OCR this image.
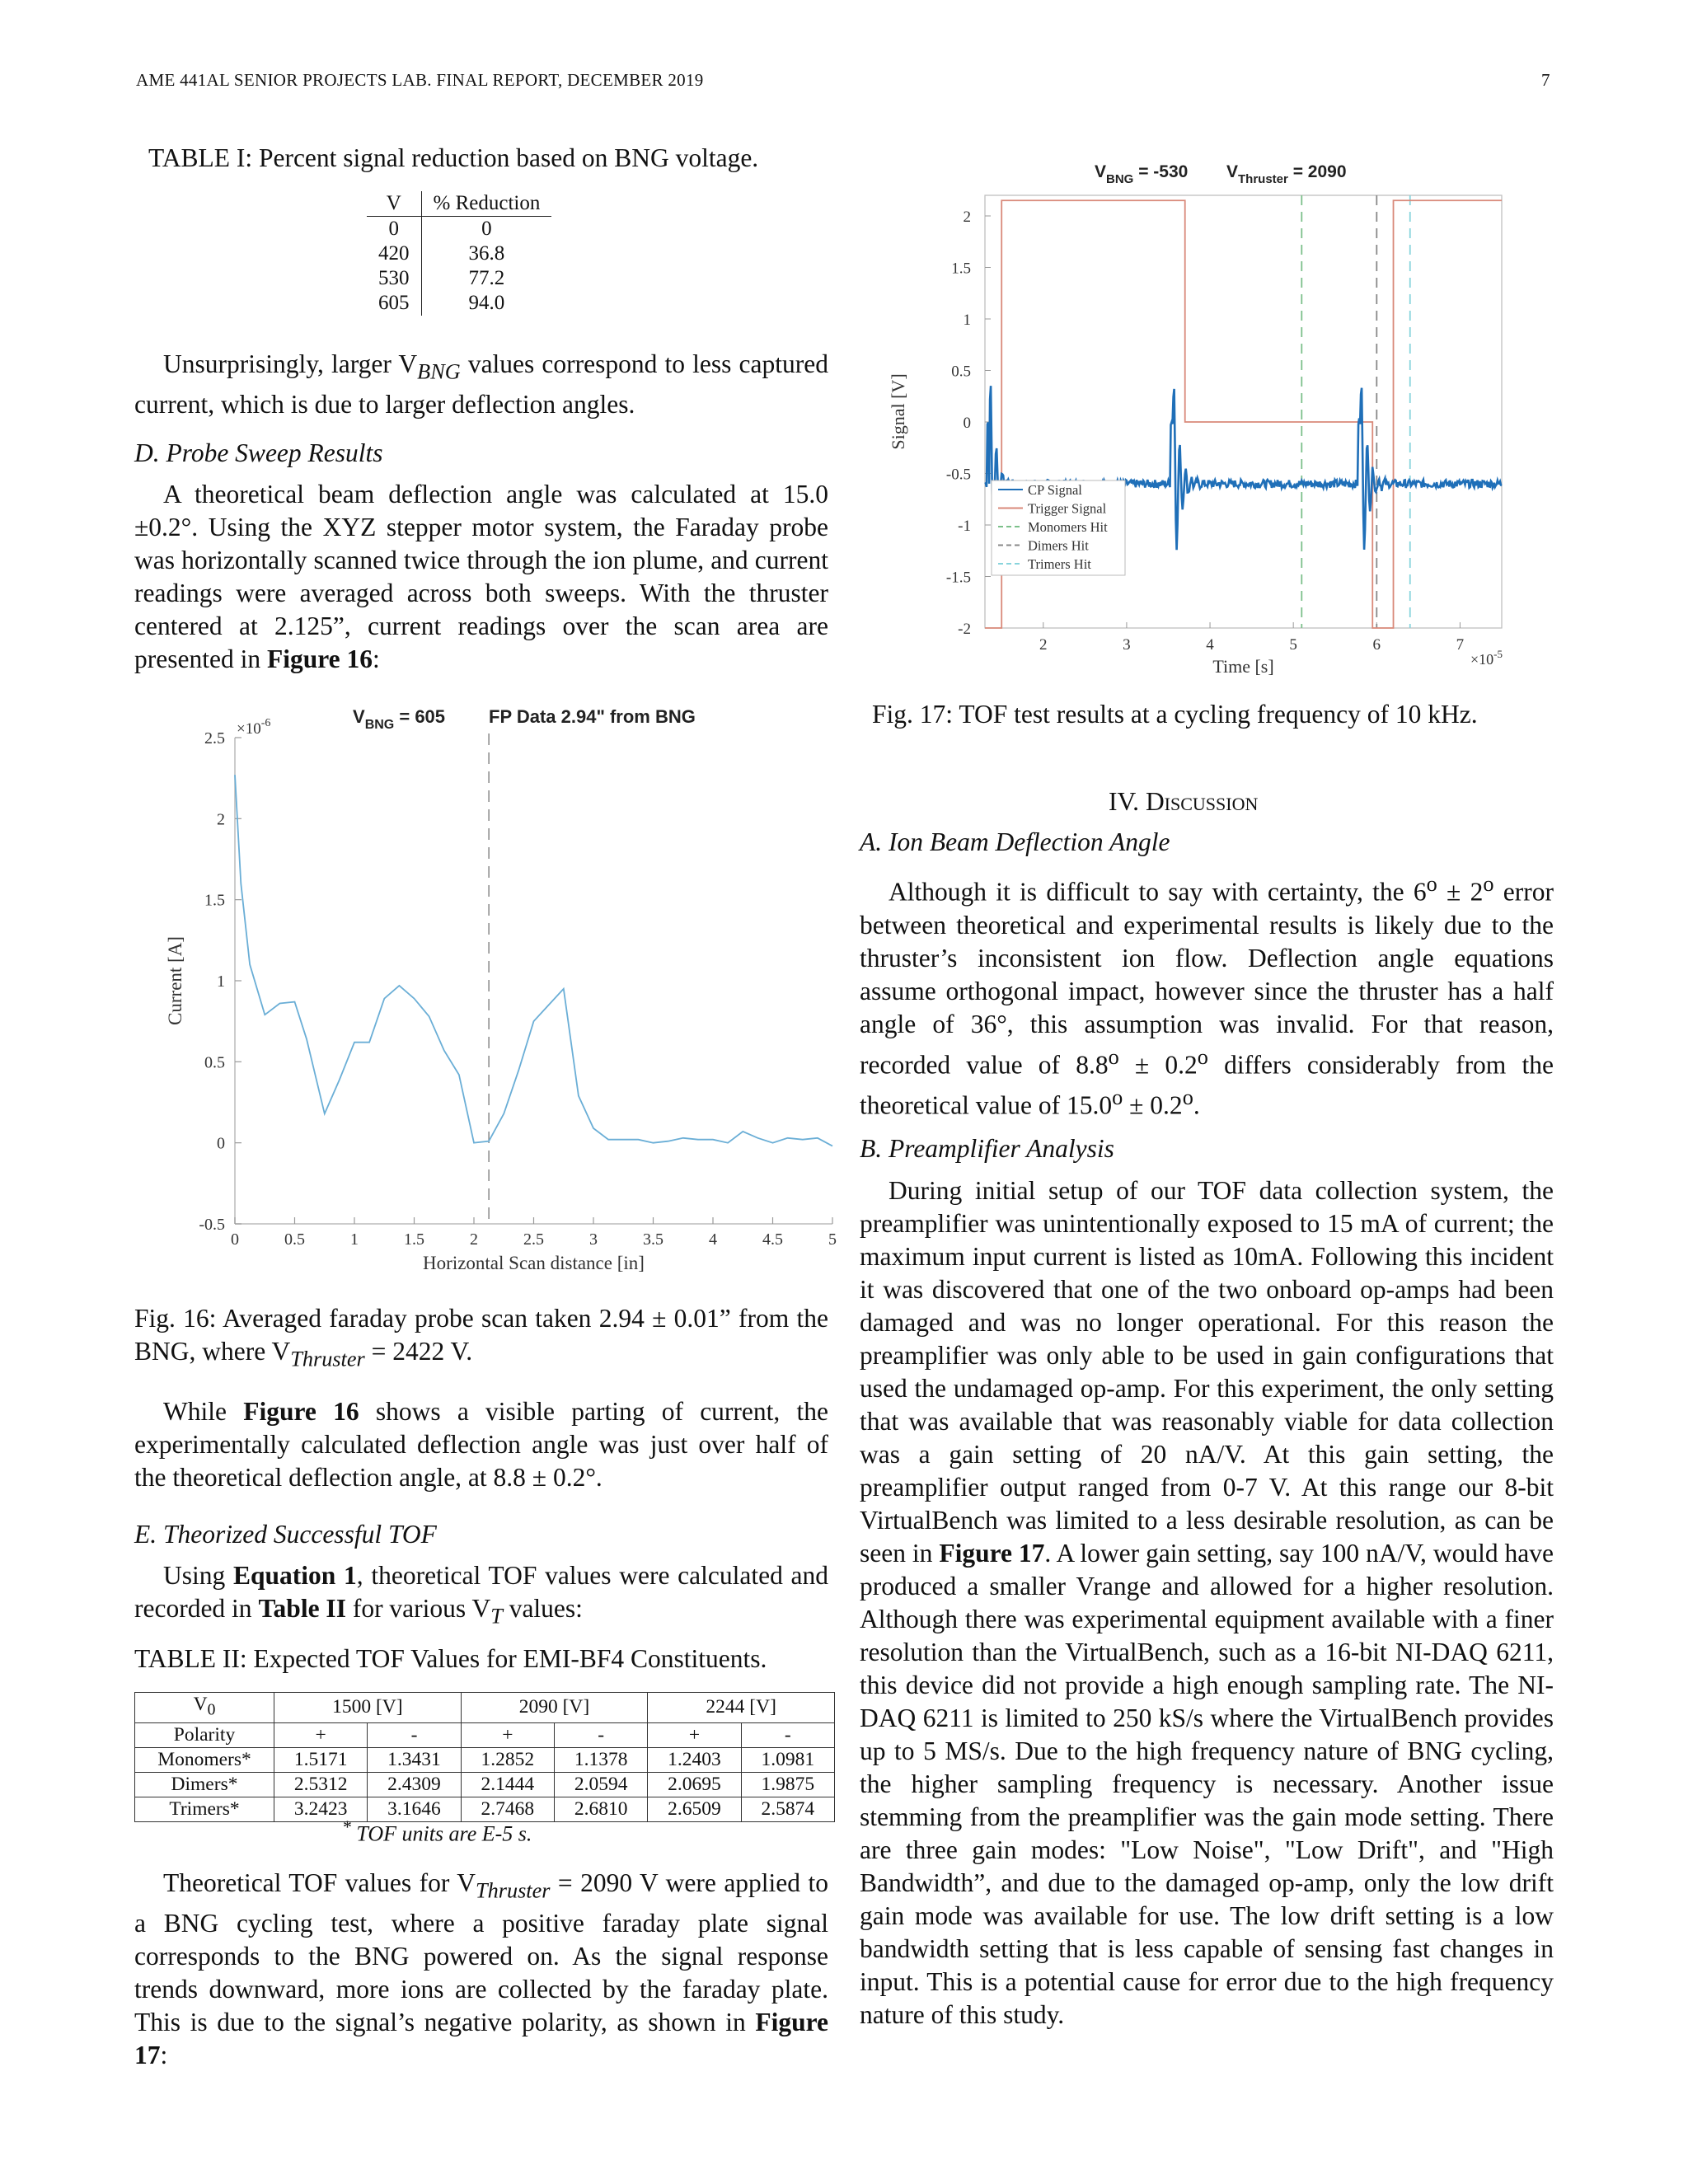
AME 441AL SENIOR PROJECTS LAB. FINAL REPORT, DECEMBER 2019	7
TABLE I: Percent signal reduction based on BNG voltage.
V	% Reduction
0	0
420	36.8
530	77.2
605	94.0

Unsurprisingly, larger $V_{BNG}$ values correspond to less captured current, which is due to larger deflection angles.

D. Probe Sweep Results

A theoretical beam deflection angle was calculated at 15.0 ±0.2°. Using the XYZ stepper motor system, the Faraday probe was horizontally scanned twice through the ion plume, and current readings were averaged across both sweeps. With the thruster centered at 2.125”, current readings over the scan area are presented in Figure 16:

0	0.5	1	1.5	2	2.5	3	3.5	4	4.5	5
-0.5
0
0.5
1
1.5
2
2.5
Horizontal Scan distance [in]
Current [A]
$\times 10^{-6}$	$V_{BNG} = 605$ FP Data 2.94" from BNG
Fig. 16: Averaged faraday probe scan taken 2.94 ± 0.01” from the BNG, where $V_{Thruster} = 2422$ V.

While Figure 16 shows a visible parting of current, the experimentally calculated deflection angle was just over half of the theoretical deflection angle, at 8.8 ± 0.2°.

E. Theorized Successful TOF

Using Equation 1, theoretical TOF values were calculated and recorded in Table II for various $V_T$ values:

TABLE II: Expected TOF Values for EMI-BF4 Constituents.
$V_0$	1500 [V]		2090 [V]		2244 [V]	
Polarity	+	-	+	-	+	-
Monomers*	1.5171	1.3431	1.2852	1.1378	1.2403	1.0981
Dimers*	2.5312	2.4309	2.1444	2.0594	2.0695	1.9875
Trimers*	3.2423	3.1646	2.7468	2.6810	2.6509	2.5874
* TOF units are E-5 s.

Theoretical TOF values for $V_{Thruster} = 2090$ V were applied to a BNG cycling test, where a positive faraday plate signal corresponds to the BNG powered on. As the signal response trends downward, more ions are collected by the faraday plate. This is due to the signal’s negative polarity, as shown in Figure 17:

2	3	4	5	6	7
-2
-1.5
-1
-0.5
0
0.5
1
1.5
2
Time [s]
Signal [V]
$\times 10^{-5}$
$V_{BNG} = -530$ $V_{Thruster} = 2090$
CP Signal
Trigger Signal
Monomers Hit
Dimers Hit
Trimers Hit
Fig. 17: TOF test results at a cycling frequency of 10 kHz.
IV. Discussion
A. Ion Beam Deflection Angle

Although it is difficult to say with certainty, the $6^o \pm 2^o$ error between theoretical and experimental results is likely due to the thruster’s inconsistent ion flow. Deflection angle equations assume orthogonal impact, however since the thruster has a half angle of 36°, this assumption was invalid. For that reason, recorded value of $8.8^o \pm 0.2^o$ differs considerably from the theoretical value of $15.0^o \pm 0.2^o$.

B. Preamplifier Analysis

During initial setup of our TOF data collection system, the preamplifier was unintentionally exposed to 15 mA of current; the maximum input current is listed as 10mA. Following this incident it was discovered that one of the two onboard op-amps had been damaged and was no longer operational. For this reason the preamplifier was only able to be used in gain configurations that used the undamaged op-amp. For this experiment, the only setting that was available that was reasonably viable for data collection was a gain setting of 20 nA/V. At this gain setting, the preamplifier output ranged from 0-7 V. At this range our 8-bit VirtualBench was limited to a less desirable resolution, as can be seen in Figure 17. A lower gain setting, say 100 nA/V, would have produced a smaller Vrange and allowed for a higher resolution. Although there was experimental equipment available with a finer resolution than the VirtualBench, such as a 16-bit NI-DAQ 6211, this device did not provide a high enough sampling rate. The NI-DAQ 6211 is limited to 250 kS/s where the VirtualBench provides up to 5 MS/s. Due to the high frequency nature of BNG cycling, the higher sampling frequency is necessary. Another issue stemming from the preamplifier was the gain mode setting. There are three gain modes: "Low Noise", "Low Drift", and "High Bandwidth”, and due to the damaged op-amp, only the low drift gain mode was available for use. The low drift setting is a low bandwidth setting that is less capable of sensing fast changes in input. This is a potential cause for error due to the high frequency nature of this study.
